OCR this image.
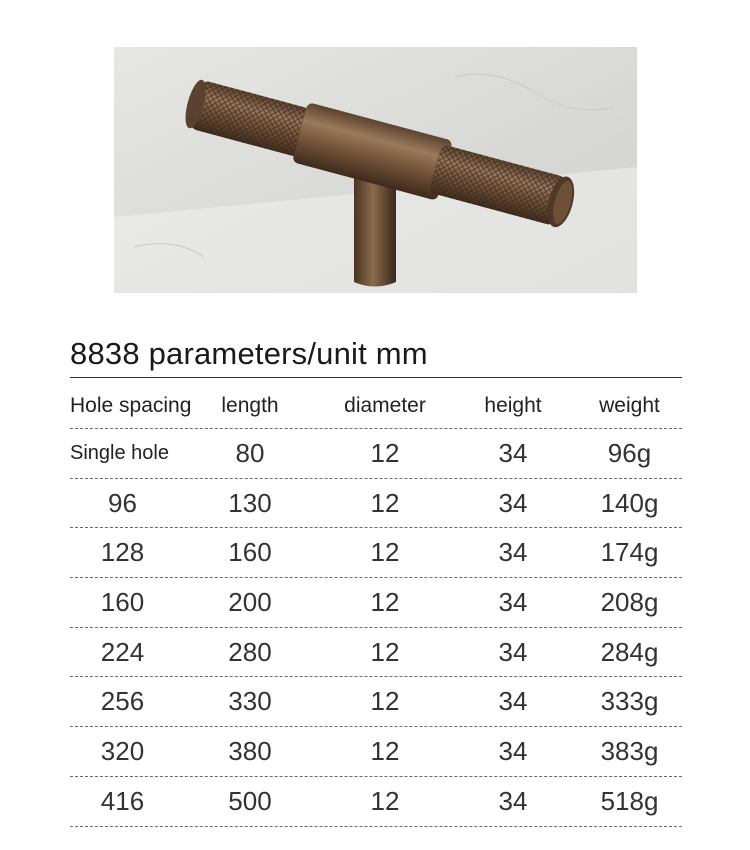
8838 parameters/unit mm
Hole spacing	length	diameter	height	weight
Single hole	80	12	34	96g
96	130	12	34	140g
128	160	12	34	174g
160	200	12	34	208g
224	280	12	34	284g
256	330	12	34	333g
320	380	12	34	383g
416	500	12	34	518g
